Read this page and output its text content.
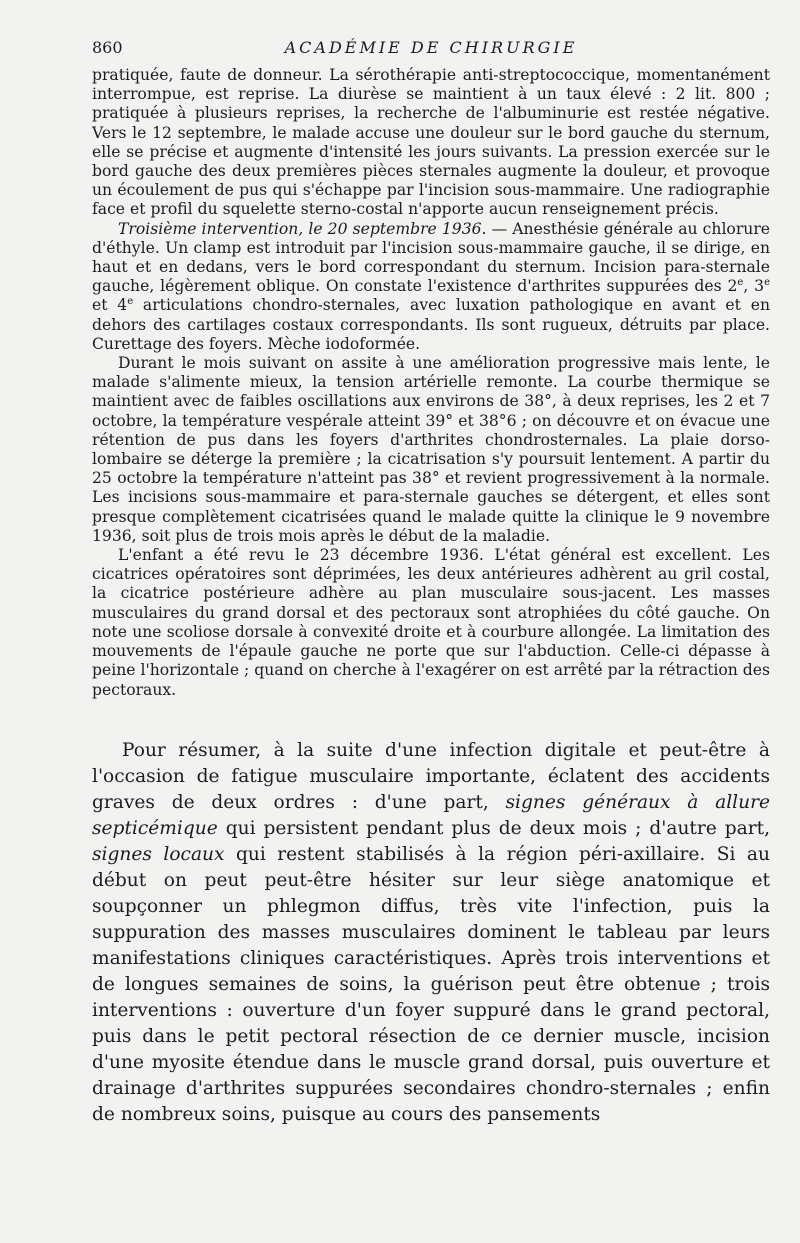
860	ACADÉMIE DE CHIRURGIE

pratiquée, faute de donneur. La sérothérapie anti-streptococcique, momentanément interrompue, est reprise. La diurèse se maintient à un taux élevé : 2 lit. 800 ; pratiquée à plusieurs reprises, la recherche de l'albuminurie est restée négative. Vers le 12 septembre, le malade accuse une douleur sur le bord gauche du sternum, elle se précise et augmente d'intensité les jours suivants. La pression exercée sur le bord gauche des deux premières pièces sternales augmente la douleur, et provoque un écoulement de pus qui s'échappe par l'incision sous-mammaire. Une radiographie face et profil du squelette sterno-costal n'apporte aucun renseignement précis.

Troisième intervention, le 20 septembre 1936. — Anesthésie générale au chlorure d'éthyle. Un clamp est introduit par l'incision sous-mammaire gauche, il se dirige, en haut et en dedans, vers le bord correspondant du sternum. Incision para-sternale gauche, légèrement oblique. On constate l'existence d'arthrites suppurées des 2e, 3e et 4e articulations chondro-sternales, avec luxation pathologique en avant et en dehors des cartilages costaux correspondants. Ils sont rugueux, détruits par place. Curettage des foyers. Mèche iodoformée.

Durant le mois suivant on assite à une amélioration progressive mais lente, le malade s'alimente mieux, la tension artérielle remonte. La courbe thermique se maintient avec de faibles oscillations aux environs de 38°, à deux reprises, les 2 et 7 octobre, la température vespérale atteint 39° et 38°6 ; on découvre et on évacue une rétention de pus dans les foyers d'arthrites chondrosternales. La plaie dorso-lombaire se déterge la première ; la cicatrisation s'y poursuit lentement. A partir du 25 octobre la température n'atteint pas 38° et revient progressivement à la normale. Les incisions sous-mammaire et para-sternale gauches se détergent, et elles sont presque complètement cicatrisées quand le malade quitte la clinique le 9 novembre 1936, soit plus de trois mois après le début de la maladie.

L'enfant a été revu le 23 décembre 1936. L'état général est excellent. Les cicatrices opératoires sont déprimées, les deux antérieures adhèrent au gril costal, la cicatrice postérieure adhère au plan musculaire sous-jacent. Les masses musculaires du grand dorsal et des pectoraux sont atrophiées du côté gauche. On note une scoliose dorsale à convexité droite et à courbure allongée. La limitation des mouvements de l'épaule gauche ne porte que sur l'abduction. Celle-ci dépasse à peine l'horizontale ; quand on cherche à l'exagérer on est arrêté par la rétraction des pectoraux.

Pour résumer, à la suite d'une infection digitale et peut-être à l'occasion de fatigue musculaire importante, éclatent des accidents graves de deux ordres : d'une part, signes généraux à allure septicémique qui persistent pendant plus de deux mois ; d'autre part, signes locaux qui restent stabilisés à la région péri-axillaire. Si au début on peut peut-être hésiter sur leur siège anatomique et soupçonner un phlegmon diffus, très vite l'infection, puis la suppuration des masses musculaires dominent le tableau par leurs manifestations cliniques caractéristiques. Après trois interventions et de longues semaines de soins, la guérison peut être obtenue ; trois interventions : ouverture d'un foyer suppuré dans le grand pectoral, puis dans le petit pectoral résection de ce dernier muscle, incision d'une myosite étendue dans le muscle grand dorsal, puis ouverture et drainage d'arthrites suppurées secondaires chondro-sternales ; enfin de nombreux soins, puisque au cours des pansements
